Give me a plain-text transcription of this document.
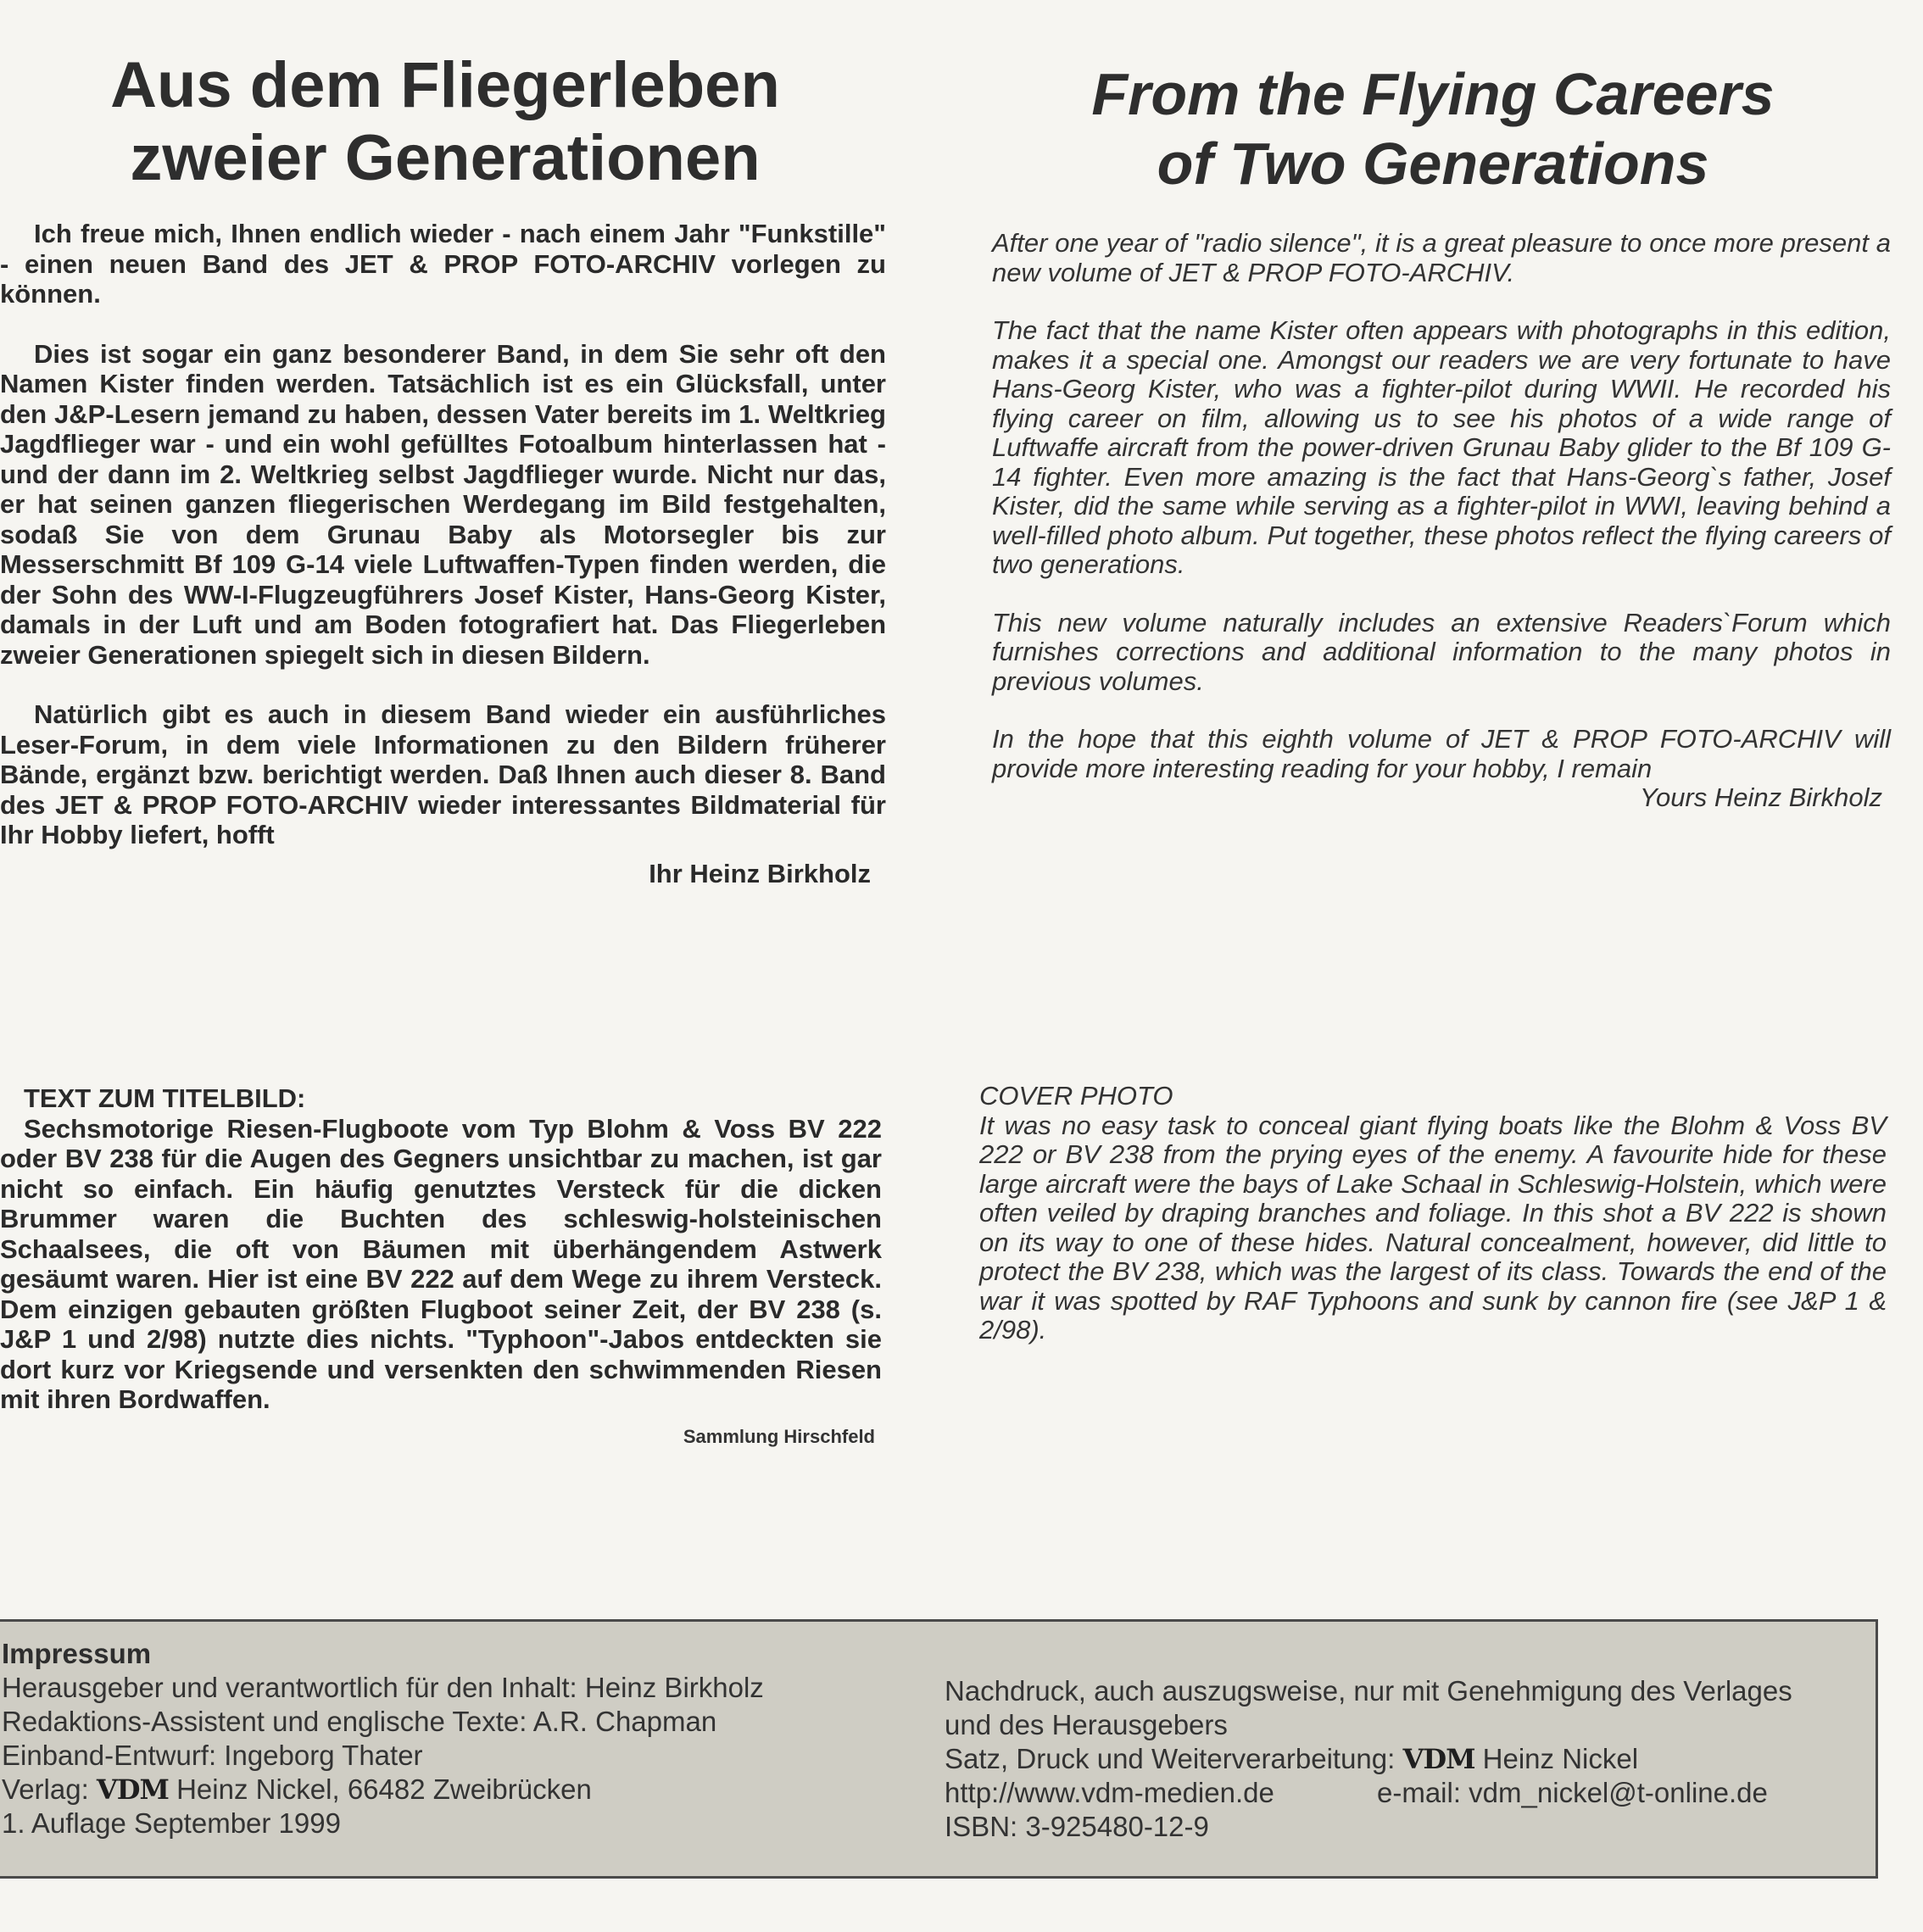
Aus dem Fliegerleben
zweier Generationen

Ich freue mich, Ihnen endlich wieder - nach einem Jahr "Funkstille" - einen neuen Band des JET & PROP FOTO-ARCHIV vorlegen zu können.

Dies ist sogar ein ganz besonderer Band, in dem Sie sehr oft den Namen Kister finden werden. Tatsächlich ist es ein Glücksfall, unter den J&P-Lesern jemand zu haben, dessen Vater bereits im 1. Weltkrieg Jagdflieger war - und ein wohl gefülltes Fotoalbum hinterlassen hat - und der dann im 2. Weltkrieg selbst Jagdflieger wurde. Nicht nur das, er hat seinen ganzen fliegerischen Werdegang im Bild festgehalten, sodaß Sie von dem Grunau Baby als Motorsegler bis zur Messerschmitt Bf 109 G-14 viele Luftwaffen-Typen finden werden, die der Sohn des WW-I-Flugzeugführers Josef Kister, Hans-Georg Kister, damals in der Luft und am Boden fotografiert hat. Das Fliegerleben zweier Generationen spiegelt sich in diesen Bildern.

Natürlich gibt es auch in diesem Band wieder ein ausführliches Leser-Forum, in dem viele Informationen zu den Bildern früherer Bände, ergänzt bzw. berichtigt werden. Daß Ihnen auch dieser 8. Band des JET & PROP FOTO-ARCHIV wieder interessantes Bildmaterial für Ihr Hobby liefert, hofft

Ihr Heinz Birkholz
TEXT ZUM TITELBILD:
Sechsmotorige Riesen-Flugboote vom Typ Blohm & Voss BV 222 oder BV 238 für die Augen des Gegners unsichtbar zu machen, ist gar nicht so einfach. Ein häufig genutztes Versteck für die dicken Brummer waren die Buchten des schleswig-holsteinischen Schaalsees, die oft von Bäumen mit überhängendem Astwerk gesäumt waren. Hier ist eine BV 222 auf dem Wege zu ihrem Versteck. Dem einzigen gebauten größten Flugboot seiner Zeit, der BV 238 (s. J&P 1 und 2/98) nutzte dies nichts. "Typhoon"-Jabos entdeckten sie dort kurz vor Kriegsende und versenkten den schwimmenden Riesen mit ihren Bordwaffen.
Sammlung Hirschfeld
From the Flying Careers
of Two Generations

After one year of "radio silence", it is a great pleasure to once more present a new volume of JET & PROP FOTO-ARCHIV.

The fact that the name Kister often appears with photographs in this edition, makes it a special one. Amongst our readers we are very fortunate to have Hans-Georg Kister, who was a fighter-pilot during WWII. He recorded his flying career on film, allowing us to see his photos of a wide range of Luftwaffe aircraft from the power-driven Grunau Baby glider to the Bf 109 G-14 fighter. Even more amazing is the fact that Hans-Georg`s father, Josef Kister, did the same while serving as a fighter-pilot in WWI, leaving behind a well-filled photo album. Put together, these photos reflect the flying careers of two generations.

This new volume naturally includes an extensive Readers`Forum which furnishes corrections and additional information to the many photos in previous volumes.

In the hope that this eighth volume of JET & PROP FOTO-ARCHIV will provide more interesting reading for your hobby, I remain

Yours Heinz Birkholz
COVER PHOTO
It was no easy task to conceal giant flying boats like the Blohm & Voss BV 222 or BV 238 from the prying eyes of the enemy. A favourite hide for these large aircraft were the bays of Lake Schaal in Schleswig-Holstein, which were often veiled by draping branches and foliage. In this shot a BV 222 is shown on its way to one of these hides. Natural concealment, however, did little to protect the BV 238, which was the largest of its class. Towards the end of the war it was spotted by RAF Typhoons and sunk by cannon fire (see J&P 1 & 2/98).
Impressum
Herausgeber und verantwortlich für den Inhalt: Heinz Birkholz
Redaktions-Assistent und englische Texte: A.R. Chapman
Einband-Entwurf: Ingeborg Thater
Verlag: VDM Heinz Nickel, 66482 Zweibrücken
1. Auflage September 1999
Nachdruck, auch auszugsweise, nur mit Genehmigung des Verlages und des Herausgebers
Satz, Druck und Weiterverarbeitung: VDM Heinz Nickel
http://www.vdm-medien.de	e-mail: vdm_nickel@t-online.de
ISBN: 3-925480-12-9
